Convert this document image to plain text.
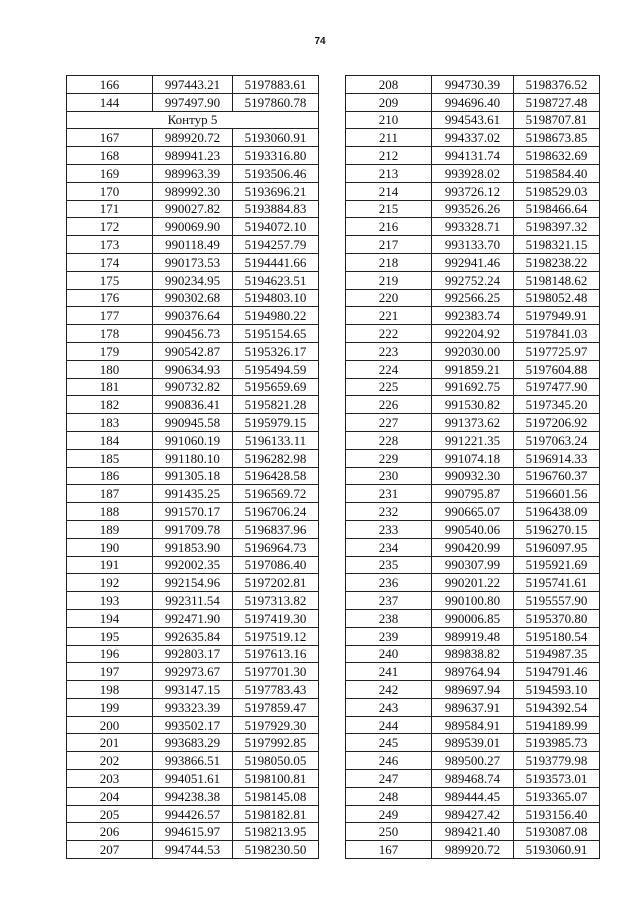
74
166	997443.21	5197883.61
144	997497.90	5197860.78
Контур 5		
167	989920.72	5193060.91
168	989941.23	5193316.80
169	989963.39	5193506.46
170	989992.30	5193696.21
171	990027.82	5193884.83
172	990069.90	5194072.10
173	990118.49	5194257.79
174	990173.53	5194441.66
175	990234.95	5194623.51
176	990302.68	5194803.10
177	990376.64	5194980.22
178	990456.73	5195154.65
179	990542.87	5195326.17
180	990634.93	5195494.59
181	990732.82	5195659.69
182	990836.41	5195821.28
183	990945.58	5195979.15
184	991060.19	5196133.11
185	991180.10	5196282.98
186	991305.18	5196428.58
187	991435.25	5196569.72
188	991570.17	5196706.24
189	991709.78	5196837.96
190	991853.90	5196964.73
191	992002.35	5197086.40
192	992154.96	5197202.81
193	992311.54	5197313.82
194	992471.90	5197419.30
195	992635.84	5197519.12
196	992803.17	5197613.16
197	992973.67	5197701.30
198	993147.15	5197783.43
199	993323.39	5197859.47
200	993502.17	5197929.30
201	993683.29	5197992.85
202	993866.51	5198050.05
203	994051.61	5198100.81
204	994238.38	5198145.08
205	994426.57	5198182.81
206	994615.97	5198213.95
207	994744.53	5198230.50
208	994730.39	5198376.52
209	994696.40	5198727.48
210	994543.61	5198707.81
211	994337.02	5198673.85
212	994131.74	5198632.69
213	993928.02	5198584.40
214	993726.12	5198529.03
215	993526.26	5198466.64
216	993328.71	5198397.32
217	993133.70	5198321.15
218	992941.46	5198238.22
219	992752.24	5198148.62
220	992566.25	5198052.48
221	992383.74	5197949.91
222	992204.92	5197841.03
223	992030.00	5197725.97
224	991859.21	5197604.88
225	991692.75	5197477.90
226	991530.82	5197345.20
227	991373.62	5197206.92
228	991221.35	5197063.24
229	991074.18	5196914.33
230	990932.30	5196760.37
231	990795.87	5196601.56
232	990665.07	5196438.09
233	990540.06	5196270.15
234	990420.99	5196097.95
235	990307.99	5195921.69
236	990201.22	5195741.61
237	990100.80	5195557.90
238	990006.85	5195370.80
239	989919.48	5195180.54
240	989838.82	5194987.35
241	989764.94	5194791.46
242	989697.94	5194593.10
243	989637.91	5194392.54
244	989584.91	5194189.99
245	989539.01	5193985.73
246	989500.27	5193779.98
247	989468.74	5193573.01
248	989444.45	5193365.07
249	989427.42	5193156.40
250	989421.40	5193087.08
167	989920.72	5193060.91
